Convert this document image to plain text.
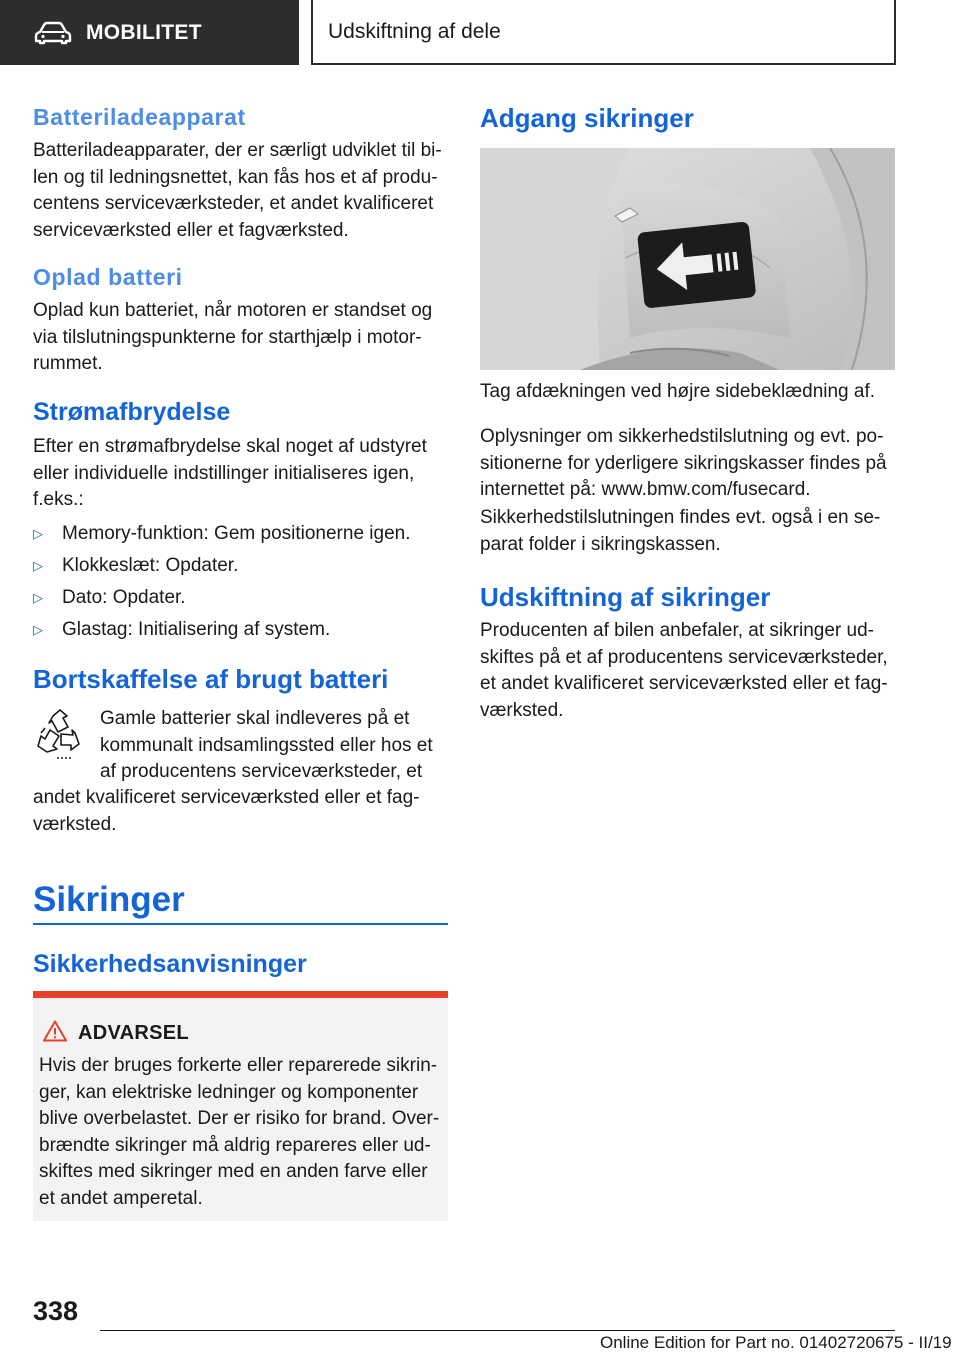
MOBILITET	Udskiftning af dele
Batteriladeapparat
Batteriladeapparater, der er særligt udviklet til bi-
len og til ledningsnettet, kan fås hos et af produ-
centens serviceværksteder, et andet kvalificeret
serviceværksted eller et fagværksted.
Oplad batteri
Oplad kun batteriet, når motoren er standset og
via tilslutningspunkterne for starthjælp i motor-
rummet.
Strømafbrydelse
Efter en strømafbrydelse skal noget af udstyret
eller individuelle indstillinger initialiseres igen,
f.eks.:
▷	Memory-funktion: Gem positionerne igen.
▷	Klokkeslæt: Opdater.
▷	Dato: Opdater.
▷	Glastag: Initialisering af system.
Bortskaffelse af brugt batteri
Gamle batterier skal indleveres på et
kommunalt indsamlingssted eller hos et
af producentens serviceværksteder, et
andet kvalificeret serviceværksted eller et fag-
værksted.
Sikringer
Sikkerhedsanvisninger
ADVARSEL
Hvis der bruges forkerte eller reparerede sikrin-
ger, kan elektriske ledninger og komponenter
blive overbelastet. Der er risiko for brand. Over-
brændte sikringer må aldrig repareres eller ud-
skiftes med sikringer med en anden farve eller
et andet amperetal.
Adgang sikringer
Tag afdækningen ved højre sidebeklædning af.
Oplysninger om sikkerhedstilslutning og evt. po-
sitionerne for yderligere sikringskasser findes på
internettet på: www.bmw.com/fusecard.
Sikkerhedstilslutningen findes evt. også i en se-
parat folder i sikringskassen.
Udskiftning af sikringer
Producenten af bilen anbefaler, at sikringer ud-
skiftes på et af producentens serviceværksteder,
et andet kvalificeret serviceværksted eller et fag-
værksted.
338
Online Edition for Part no. 01402720675 - II/19
